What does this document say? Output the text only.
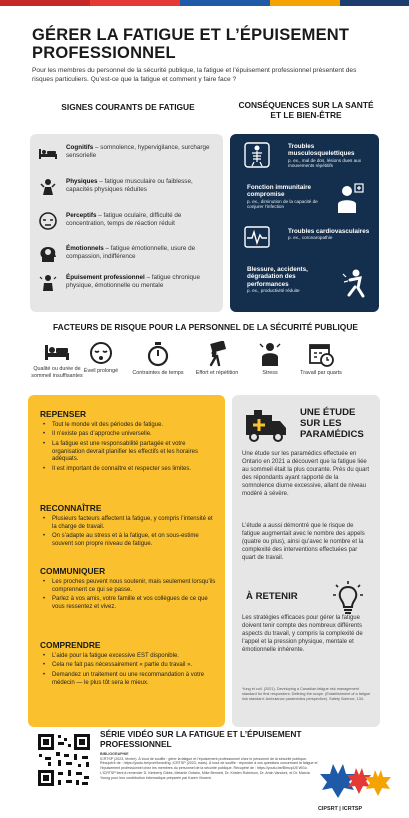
GÉRER LA FATIGUE ET L’ÉPUISEMENT PROFESSIONNEL

Pour les membres du personnel de la sécurité publique, la fatigue et l’épuisement professionnel présentent des risques particuliers. Qu’est-ce que la fatigue et comment y faire face ?

SIGNES COURANTS DE FATIGUE
Cognitifs – somnolence, hypervigilance, surcharge sensorielle
Physiques – fatigue musculaire ou faiblesse, capacités physiques réduites
Perceptifs – fatigue oculaire, difficulté de concentration, temps de réaction réduit
Émotionnels – fatigue émotionnelle, usure de compassion, indifférence
Épuisement professionnel – fatigue chronique physique, émotionnelle ou mentale
CONSÉQUENCES SUR LA SANTÉ ET LE BIEN-ÊTRE
Troubles musculosquelettiques
p. ex., mal de dos, lésions dues aux mouvements répétitifs
Fonction immunitaire compromise
p. ex., diminution de la capacité de conjurer l’infection
Troubles cardiovasculaires
p. ex., coronaropathie
Blessure, accidents, dégradation des performances
p. ex., productivité réduite
FACTEURS DE RISQUE POUR LA PERSONNEL DE LA SÉCURITÉ PUBLIQUE
Qualité ou durée de sommeil insuffisantes
Éveil prolongé	Contraintes de temps	Effort et répétition	Stress	Travail par quarts
REPENSER
• Tout le monde vit des périodes de fatigue.
• Il n’existe pas d’approche universelle.
• La fatigue est une responsabilité partagée et votre organisation devrait planifier les effectifs et les horaires adéquats.
• Il est important de connaître et respecter ses limites.
RECONNAÎTRE
• Plusieurs facteurs affectent la fatigue, y compris l’intensité et la charge de travail.
• On s’adapte au stress et à la fatigue, et on sous-estime souvent son propre niveau de fatigue.
COMMUNIQUER
• Les proches peuvent nous soutenir, mais seulement lorsqu’ils comprennent ce qui se passe.
• Parlez à vos amis, votre famille et vos collègues de ce que vous ressentez et vivez.
COMPRENDRE
• L’aide pour la fatigue excessive EST disponible.
• Cela ne fait pas nécessairement « partie du travail ».
• Demandez un traitement ou une recommandation à votre médecin — le plus tôt sera le mieux.
UNE ÉTUDE SUR LES PARAMÉDICS

Une étude sur les paramédics effectuée en Ontario en 2021 a découvert que la fatigue liée au sommeil était la plus courante. Près du quart des répondants ayant rapporté de la somnolence diurne excessive, allant de niveau modéré à sévère.

L’étude a aussi démontré que le risque de fatigue augmentait avec le nombre des appels (quatre ou plus), ainsi qu’avec le nombre et la complexité des interventions effectuées par quart de travail.

À RETENIR

Les stratégies efficaces pour gérer la fatigue doivent tenir compte des nombreux différents aspects du travail, y compris la complexité de l’appel et la pression physique, mentale et émotionnelle inhérente.

Yung et coll. (2021). Developing a Canadian fatigue risk management standard for first responders: Defining the scope. (Establishment of a fatigue risk standard: Ambulance paramedics perspective). Safety Science, 134.

SÉRIE VIDÉO SUR LA FATIGUE ET L’ÉPUISEMENT PROFESSIONNEL
BIBLIOGRAPHIE
ICRTSP (2023, février). À bout de souffle : gérer la fatigue et l’épuisement professionnel chez le personnel de la sécurité publique. Récupéré de : https://youtu.be/pver9oxw4hg. ICRTSP (2023, mars). À bout de souffle : répondre à vos questions concernant la fatigue et l’épuisement professionnel chez les membres du personnel de la sécurité publique. Récupéré de : https://youtu.be/BImcpIJ5 WGo. L’ICRTSP tient à remercier D. Kimberly Gibbs, Melanie Ontario, Mike Bennett, Dr. Kristen Robinson, Dr. Amin Vandoni, et Dr. Marcia Young pour leur contribution informatique préparée par Karen Vincent.
CIPSRT | ICRTSP
